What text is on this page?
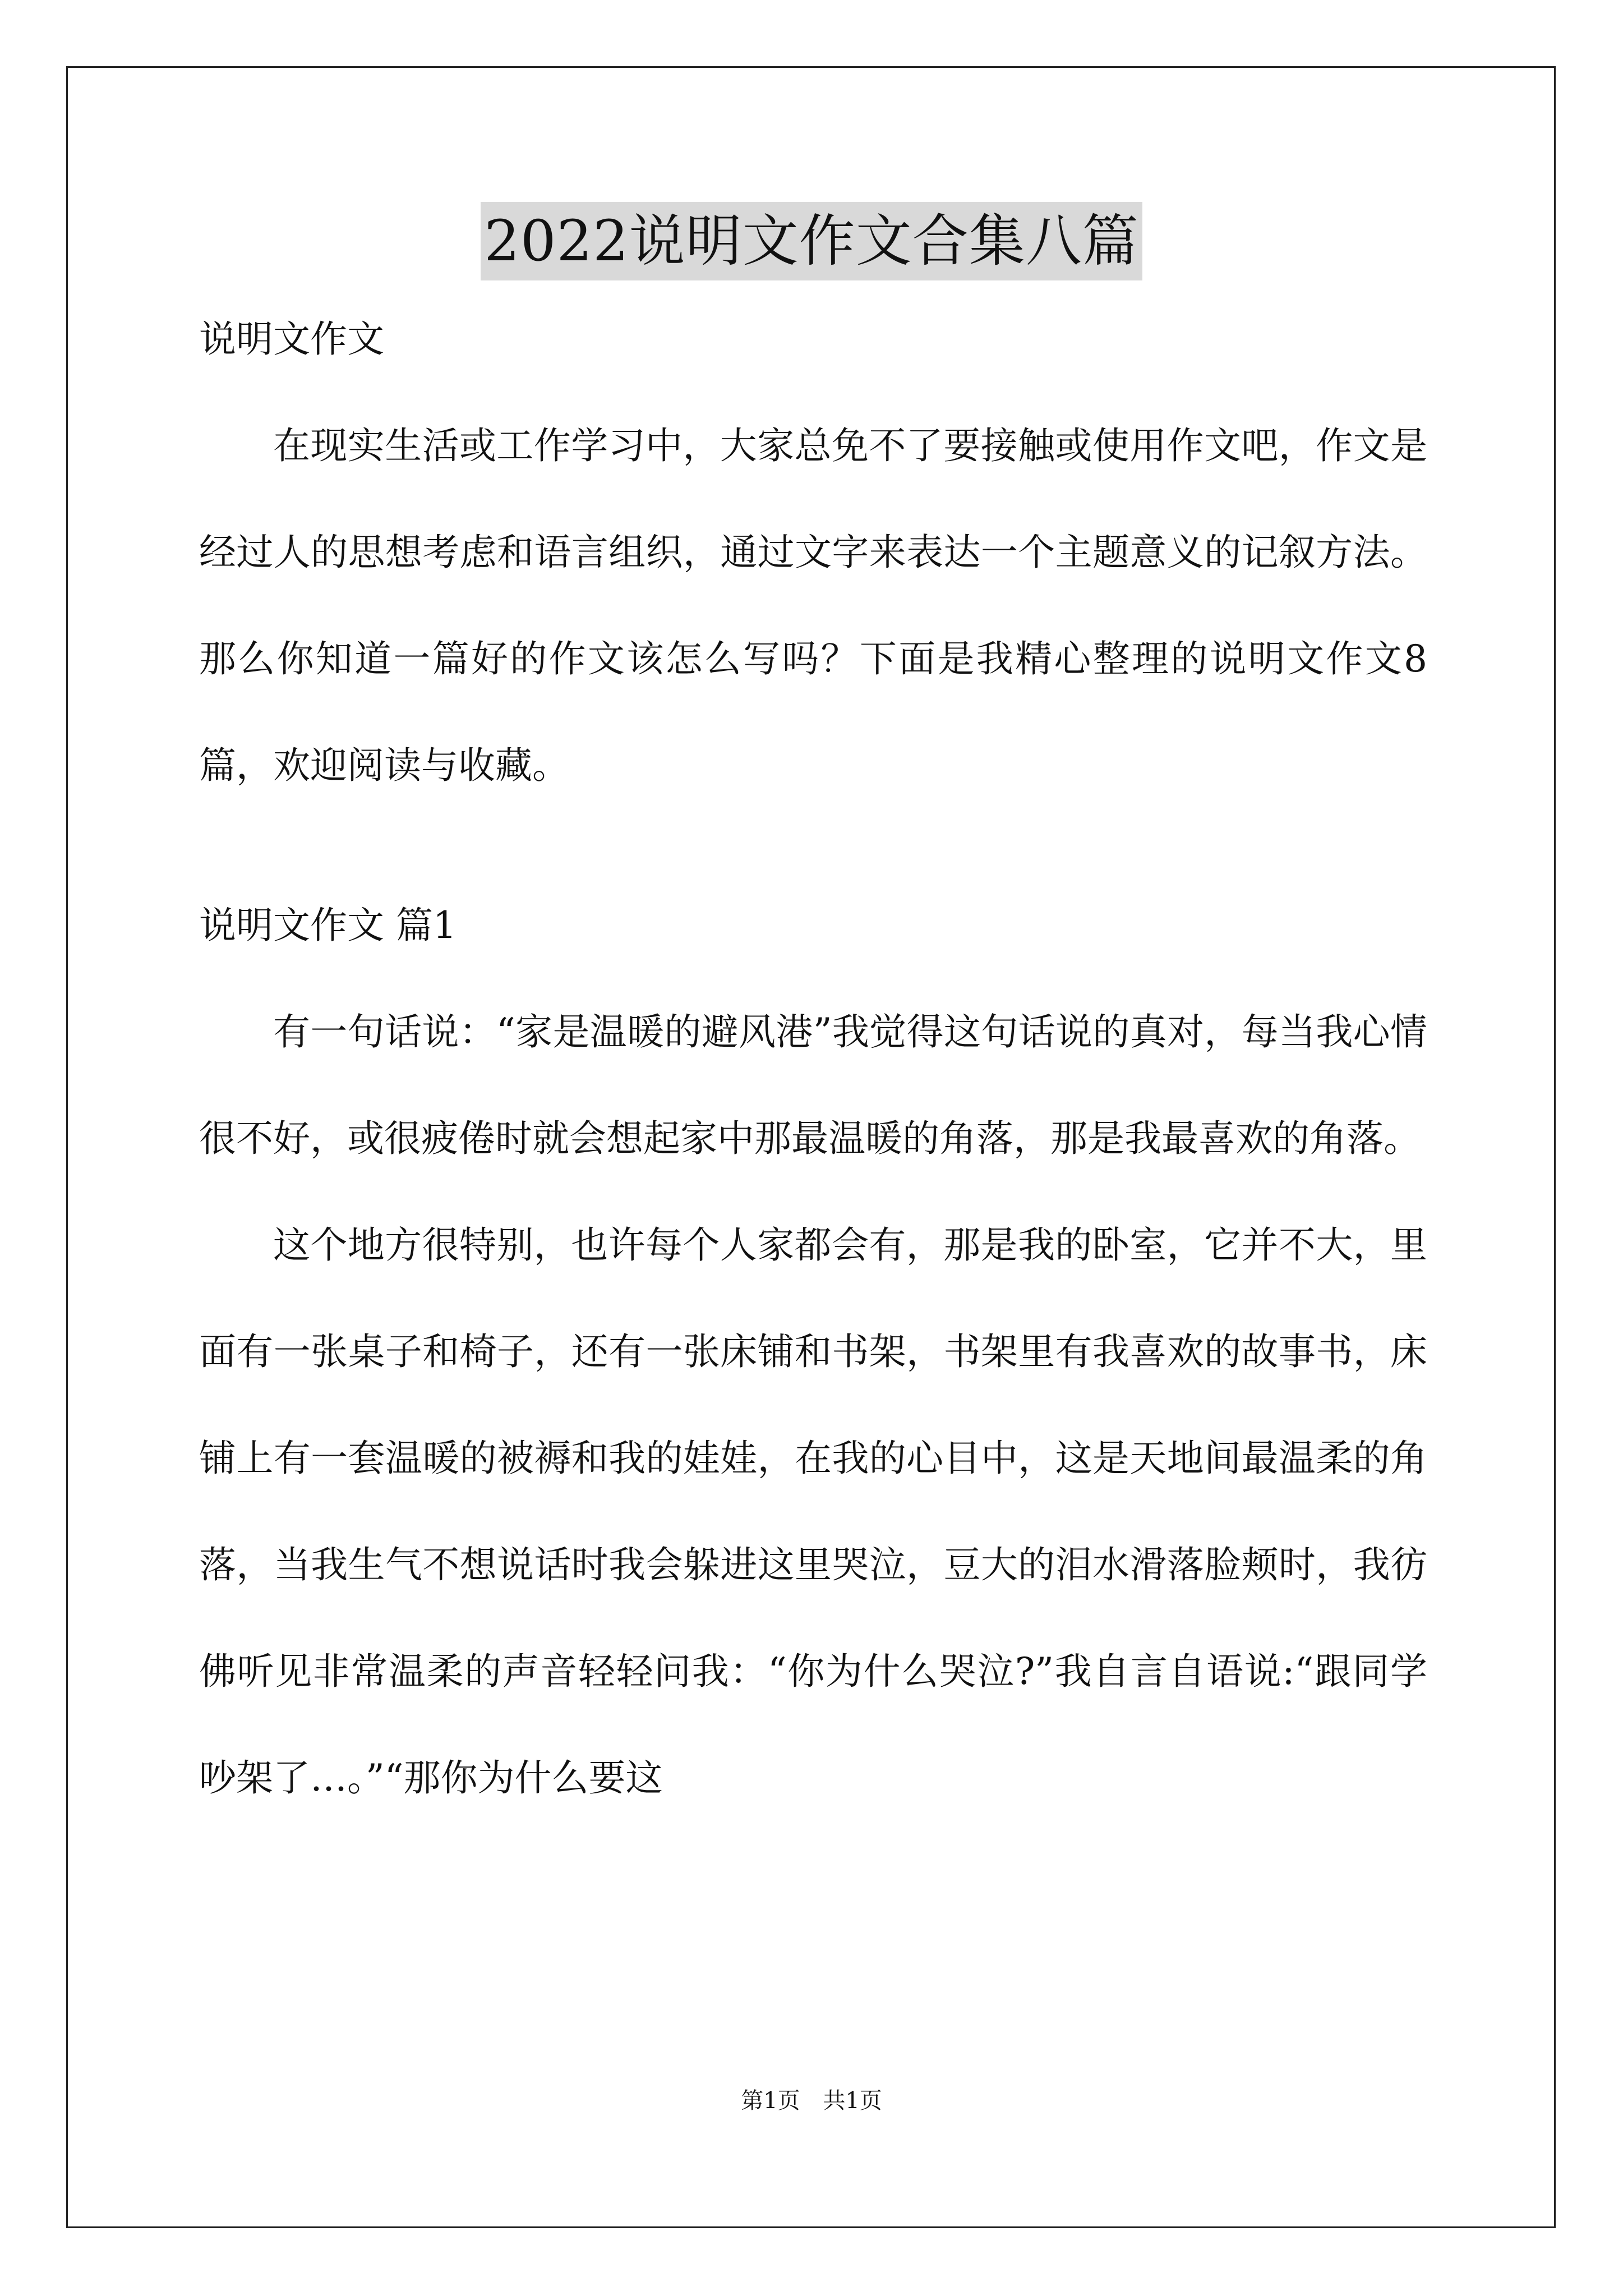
2022说明文作文合集八篇
说明文作文

在现实生活或工作学习中，大家总免不了要接触或使用作文吧，作文是经过人的思想考虑和语言组织，通过文字来表达一个主题意义的记叙方法。那么你知道一篇好的作文该怎么写吗？下面是我精心整理的说明文作文8篇，欢迎阅读与收藏。

说明文作文 篇1

有一句话说：“家是温暖的避风港”我觉得这句话说的真对，每当我心情很不好，或很疲倦时就会想起家中那最温暖的角落，那是我最喜欢的角落。

这个地方很特别，也许每个人家都会有，那是我的卧室，它并不大，里面有一张桌子和椅子，还有一张床铺和书架，书架里有我喜欢的故事书，床铺上有一套温暖的被褥和我的娃娃，在我的心目中，这是天地间最温柔的角落，当我生气不想说话时我会躲进这里哭泣，豆大的泪水滑落脸颊时，我彷佛听见非常温柔的声音轻轻问我：“你为什么哭泣?”我自言自语说:“跟同学吵架了…。”“那你为什么要这

第1页 共1页
